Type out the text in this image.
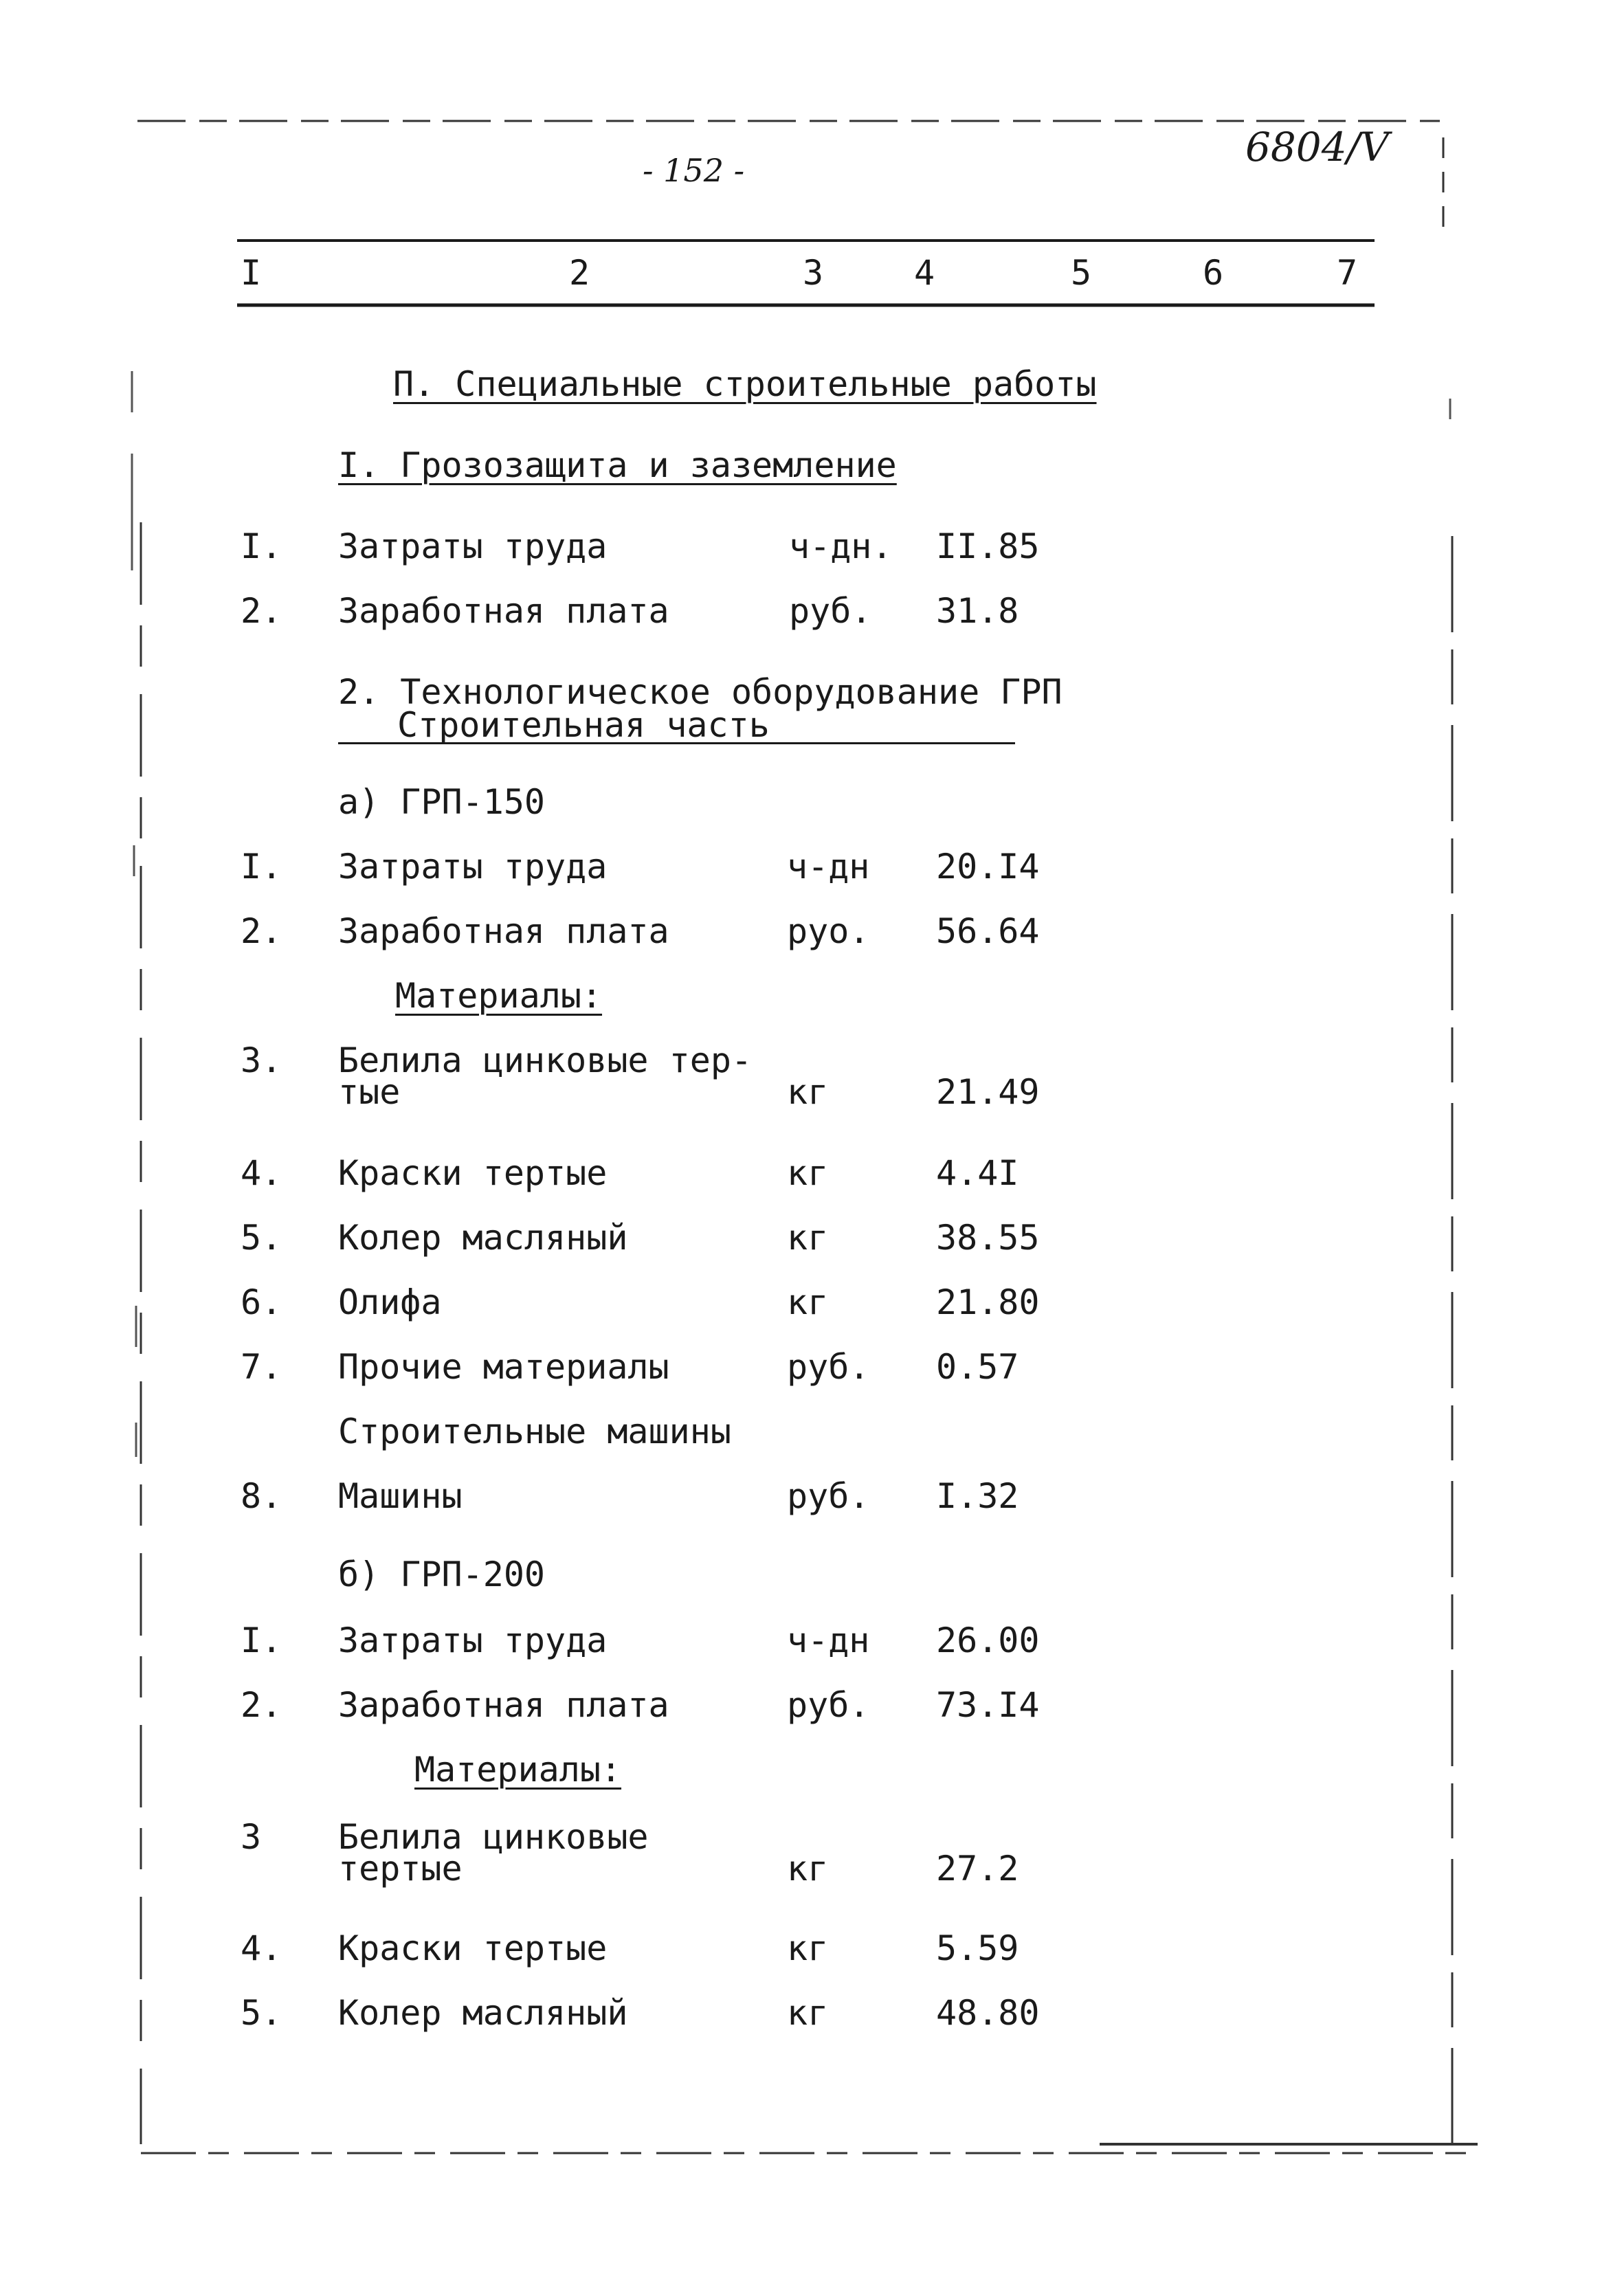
- 152 -	6804/V
I	2	3	4	5	6	7
П. Специальные строительные работы
I. Грозозащита и заземление
I. Затраты труда	ч-дн. II.85
2. Заработная плата	руб. 31.8
2. Технологическое оборудование ГРП
Строительная часть
а) ГРП-150
I. Затраты труда	ч-дн 20.I4
2. Заработная плата	руо. 56.64
Материалы:
3. Белила цинковые тер-
тые	кг	21.49
4. Краски тертые	кг	4.4I
5. Колер масляный	кг	38.55
6. Олифа	кг	21.80
7. Прочие материалы	руб. 0.57
Строительные машины
8. Машины	руб. I.32
б) ГРП-200
I. Затраты труда	ч-дн 26.00
2. Заработная плата	руб. 73.I4
Материалы:
3 Белила цинковые
тертые	кг	27.2
4. Краски тертые	кг	5.59
5. Колер масляный	кг	48.80
